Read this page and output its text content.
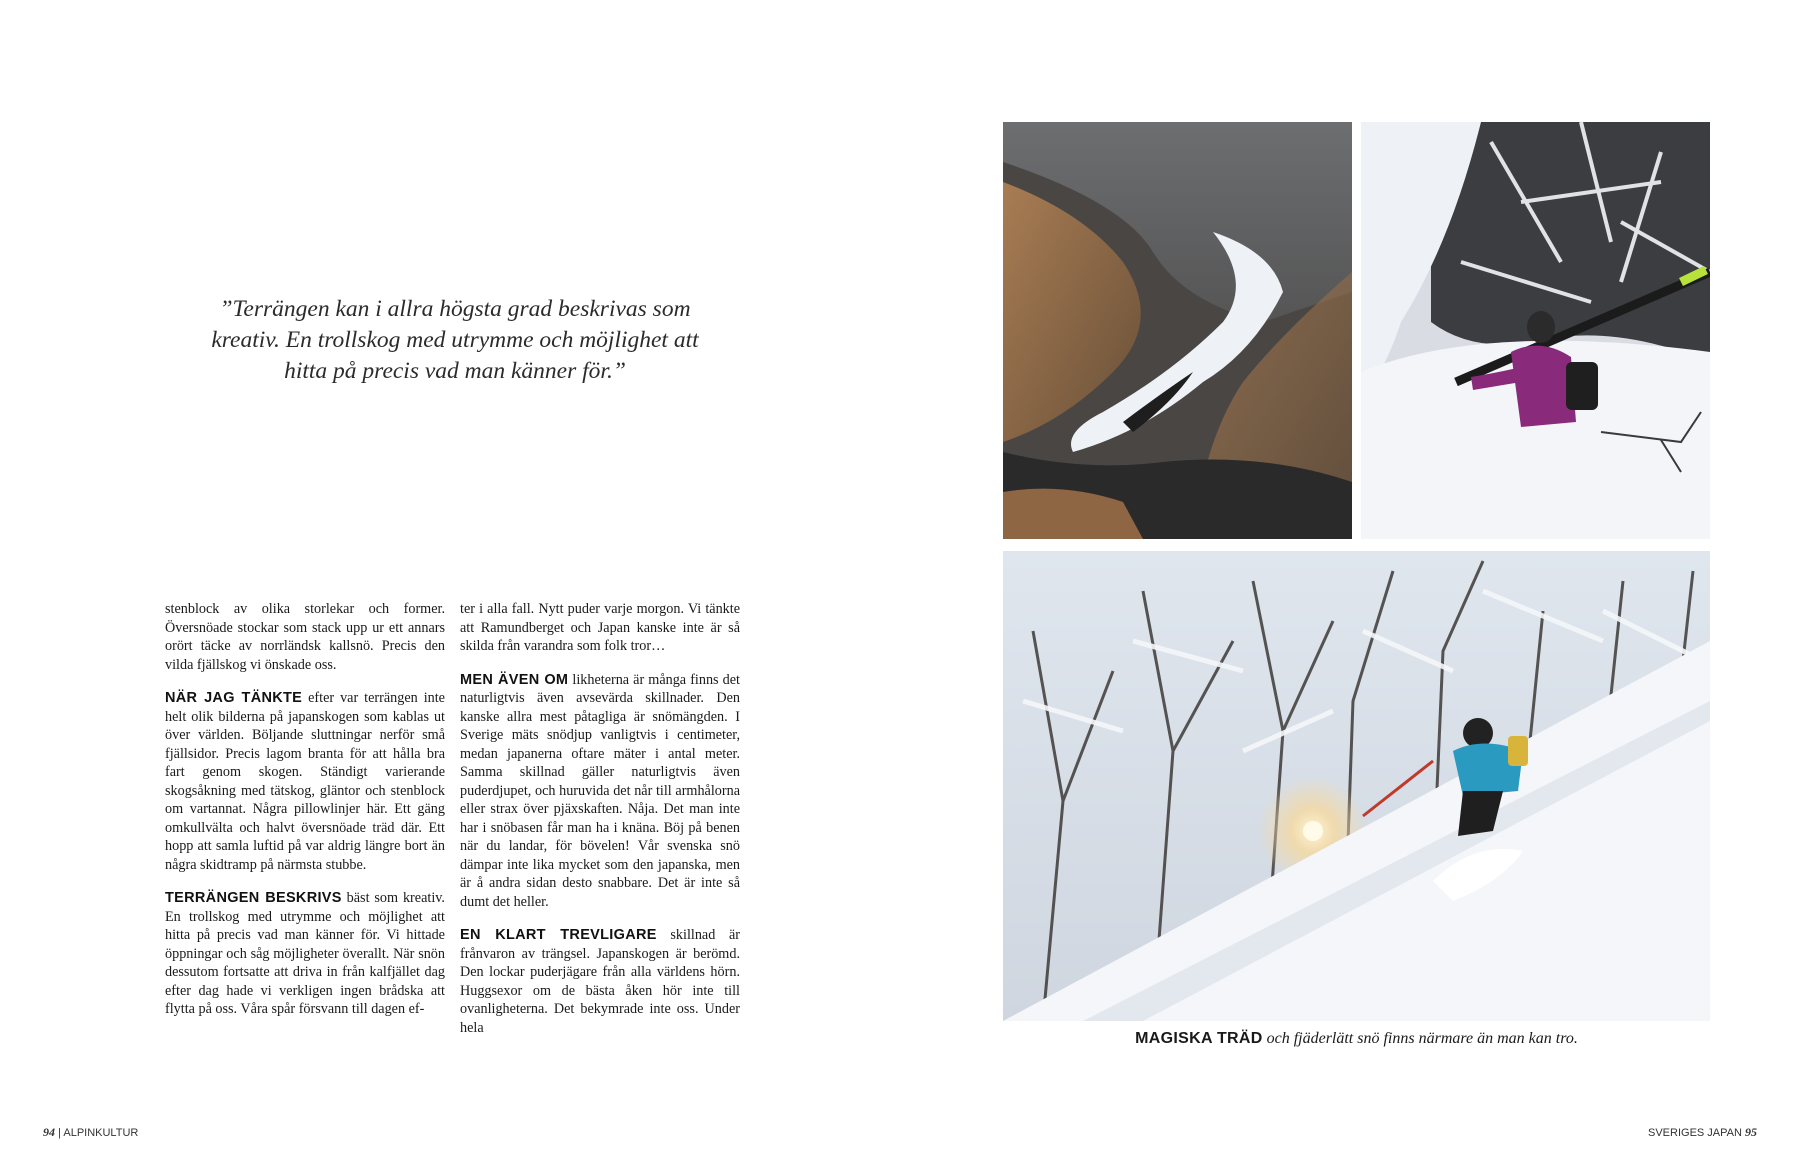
”Terrängen kan i allra högsta grad beskrivas som kreativ. En trollskog med utrymme och möjlighet att hitta på precis vad man känner för.”

stenblock av olika storlekar och former. Översnöade stockar som stack upp ur ett annars orört täcke av norrländsk kallsnö. Precis den vilda fjällskog vi önskade oss.

NÄR JAG TÄNKTE efter var terrängen inte helt olik bilderna på japanskogen som kablas ut över världen. Böljande sluttningar nerför små fjällsidor. Precis lagom branta för att hålla bra fart genom skogen. Ständigt varierande skogsåkning med tätskog, gläntor och stenblock om vartannat. Några pillowlinjer här. Ett gäng omkullvälta och halvt översnöade träd där. Ett hopp att samla luftid på var aldrig längre bort än några skidtramp på närmsta stubbe.

TERRÄNGEN BESKRIVS bäst som kreativ. En trollskog med utrymme och möjlighet att hitta på precis vad man känner för. Vi hittade öppningar och såg möjligheter överallt. När snön dessutom fortsatte att driva in från kalfjället dag efter dag hade vi verkligen ingen brådska att flytta på oss. Våra spår försvann till dagen ef-

ter i alla fall. Nytt puder varje morgon. Vi tänkte att Ramundberget och Japan kanske inte är så skilda från varandra som folk tror…

MEN ÄVEN OM likheterna är många finns det naturligtvis även avsevärda skillnader. Den kanske allra mest påtagliga är snömängden. I Sverige mäts snödjup vanligtvis i centimeter, medan japanerna oftare mäter i antal meter. Samma skillnad gäller naturligtvis även puderdjupet, och huruvida det når till armhålorna eller strax över pjäxskaften. Nåja. Det man inte har i snöbasen får man ha i knäna. Böj på benen när du landar, för bövelen! Vår svenska snö dämpar inte lika mycket som den japanska, men är å andra sidan desto snabbare. Det är inte så dumt det heller.

EN KLART TREVLIGARE skillnad är frånvaron av trängsel. Japanskogen är berömd. Den lockar puderjägare från alla världens hörn. Huggsexor om de bästa åken hör inte till ovanligheterna. Det bekymrade inte oss. Under hela

94 | ALPINKULTUR
MAGISKA TRÄD och fjäderlätt snö finns närmare än man kan tro.
SVERIGES JAPAN 95
